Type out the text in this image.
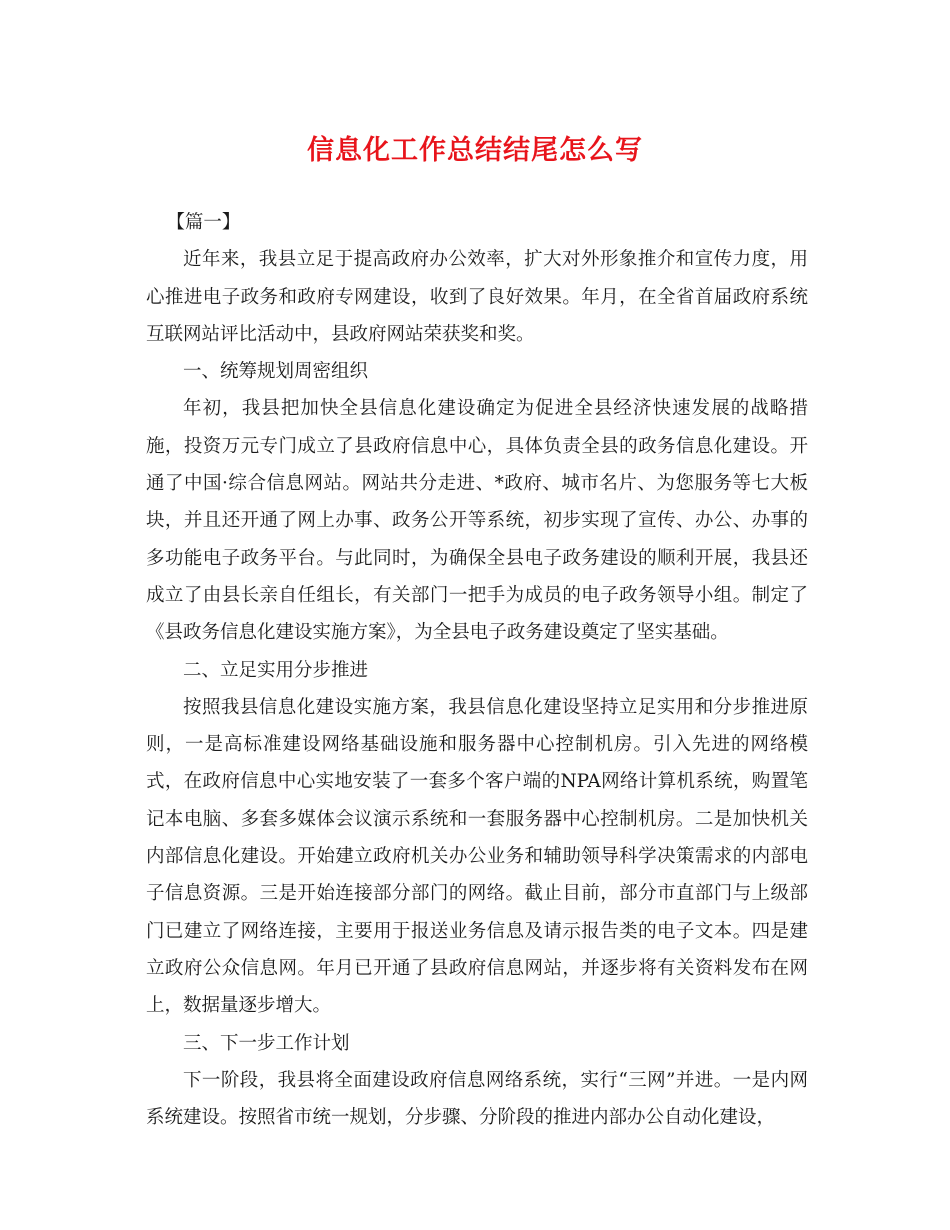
信息化工作总结结尾怎么写

【篇一】

近年来，我县立足于提高政府办公效率，扩大对外形象推介和宣传力度，用心推进电子政务和政府专网建设，收到了良好效果。年月，在全省首届政府系统互联网站评比活动中，县政府网站荣获奖和奖。

一、统筹规划周密组织

年初，我县把加快全县信息化建设确定为促进全县经济快速发展的战略措施，投资万元专门成立了县政府信息中心，具体负责全县的政务信息化建设。开通了中国·综合信息网站。网站共分走进、*政府、城市名片、为您服务等七大板块，并且还开通了网上办事、政务公开等系统，初步实现了宣传、办公、办事的多功能电子政务平台。与此同时，为确保全县电子政务建设的顺利开展，我县还成立了由县长亲自任组长，有关部门一把手为成员的电子政务领导小组。制定了《县政务信息化建设实施方案》，为全县电子政务建设奠定了坚实基础。

二、立足实用分步推进

按照我县信息化建设实施方案，我县信息化建设坚持立足实用和分步推进原则，一是高标准建设网络基础设施和服务器中心控制机房。引入先进的网络模式，在政府信息中心实地安装了一套多个客户端的NPA网络计算机系统，购置笔记本电脑、多套多媒体会议演示系统和一套服务器中心控制机房。二是加快机关内部信息化建设。开始建立政府机关办公业务和辅助领导科学决策需求的内部电子信息资源。三是开始连接部分部门的网络。截止目前，部分市直部门与上级部门已建立了网络连接，主要用于报送业务信息及请示报告类的电子文本。四是建立政府公众信息网。年月已开通了县政府信息网站，并逐步将有关资料发布在网上，数据量逐步增大。

三、下一步工作计划

下一阶段，我县将全面建设政府信息网络系统，实行“三网”并进。一是内网系统建设。按照省市统一规划，分步骤、分阶段的推进内部办公自动化建设，
